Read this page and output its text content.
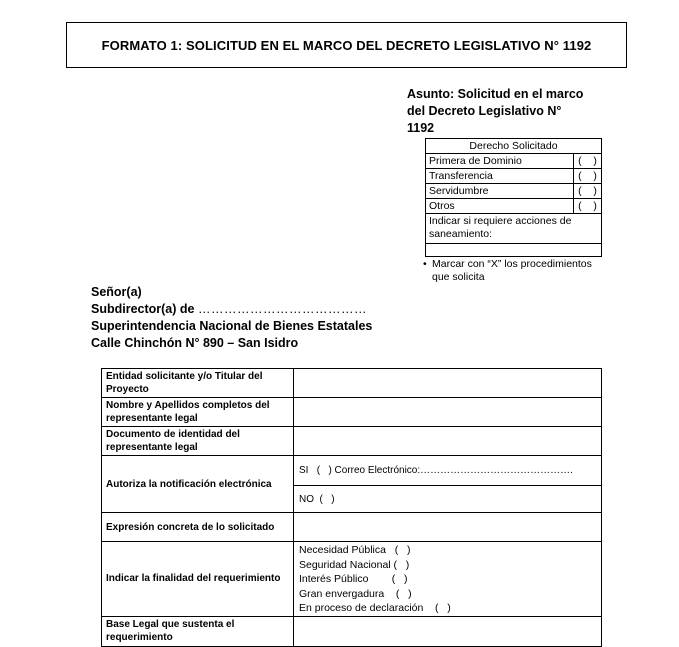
FORMATO 1: SOLICITUD EN EL MARCO DEL DECRETO LEGISLATIVO N° 1192
Asunto: Solicitud en el marco
del Decreto Legislativo N°
1192
Derecho Solicitado	
Primera de Dominio	(    )
Transferencia	(    )
Servidumbre	(    )
Otros	(    )
Indicar si requiere acciones de saneamiento:	

• Marcar con “X” los procedimientos que solicita
Señor(a)
Subdirector(a) de …………………………………
Superintendencia Nacional de Bienes Estatales
Calle Chinchón N° 890 – San Isidro
Entidad solicitante y/o Titular del Proyecto	
Nombre y Apellidos completos del representante legal	
Documento de identidad del representante legal	
Autoriza la notificación electrónica	SI   (   ) Correo Electrónico:……………………………………….
	NO  (   )
Expresión concreta de lo solicitado	
Indicar la finalidad del requerimiento	Necesidad Pública   (   )
Seguridad Nacional (   )
Interés Público        (   )
Gran envergadura    (   )
En proceso de declaración    (   )

Base Legal que sustenta el requerimiento	
